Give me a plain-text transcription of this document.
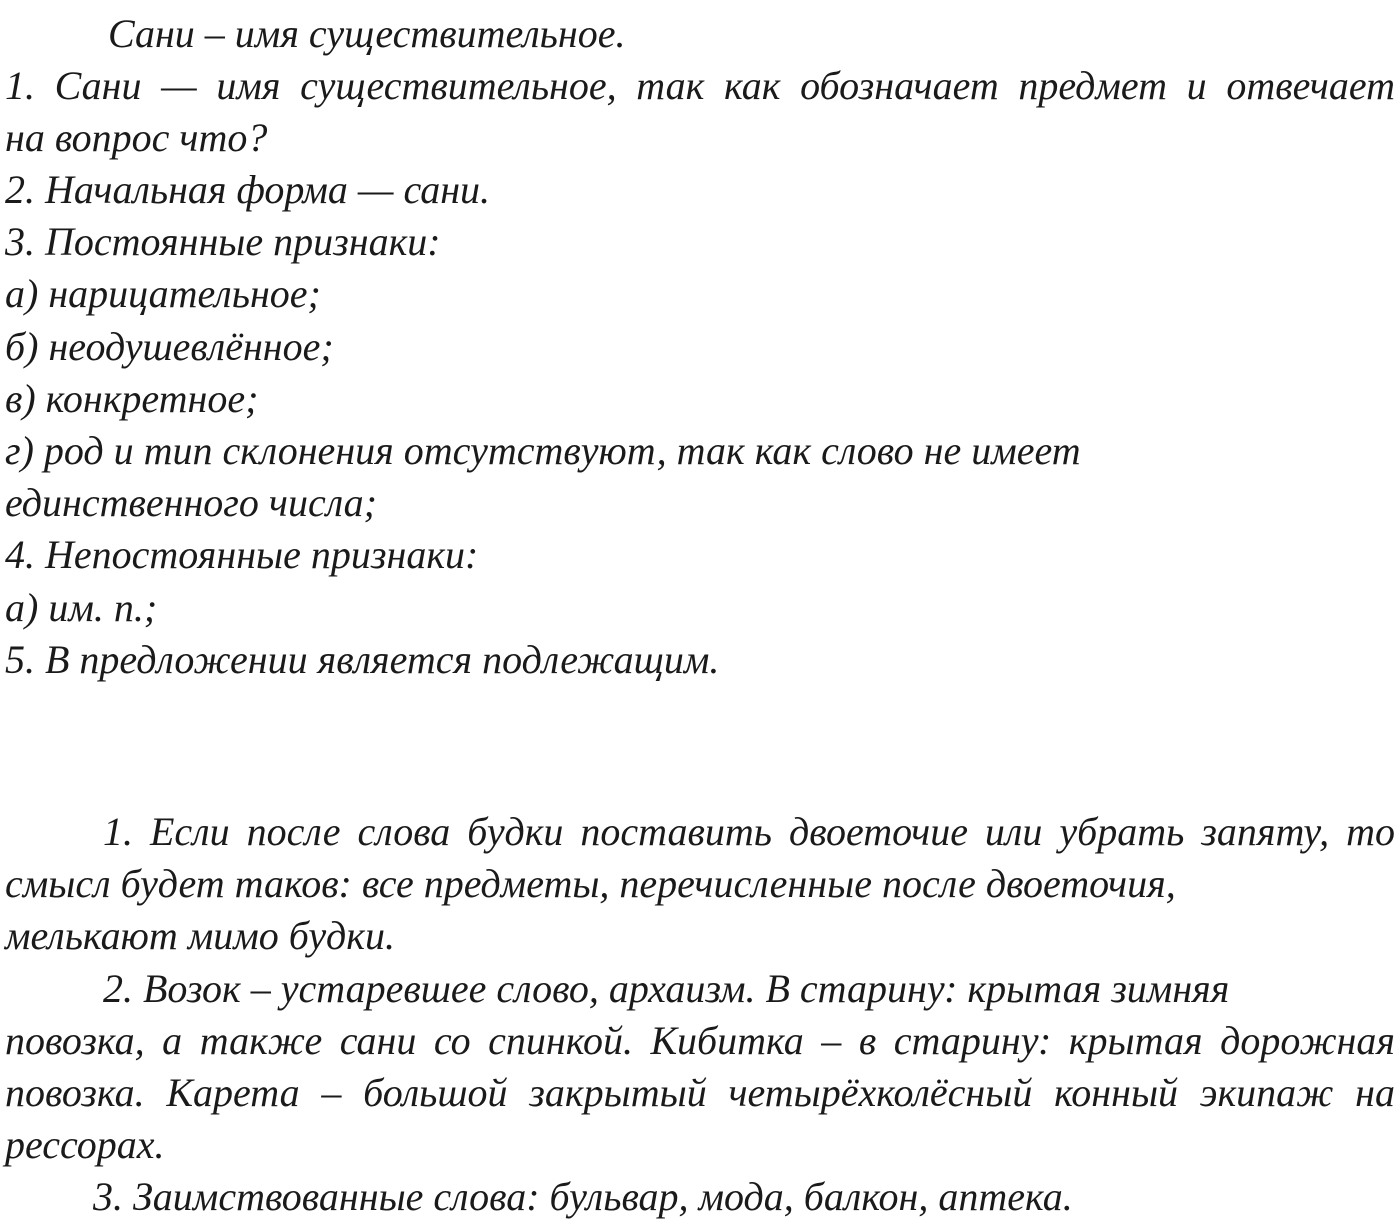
Сани – имя существительное.
1. Сани — имя существительное, так как обозначает предмет и отвечает
на вопрос что?
2. Начальная форма — сани.
3. Постоянные признаки:
а) нарицательное;
б) неодушевлённое;
в) конкретное;
г) род и тип склонения отсутствуют, так как слово не имеет
единственного числа;
4. Непостоянные признаки:
а) им. п.;
5. В предложении является подлежащим.
1. Если после слова будки поставить двоеточие или убрать запяту, то
смысл будет таков: все предметы, перечисленные после двоеточия,
мелькают мимо будки.
2. Возок – устаревшее слово, архаизм. В старину: крытая зимняя
повозка, а также сани со спинкой. Кибитка – в старину: крытая дорожная
повозка. Карета – большой закрытый четырёхколёсный конный экипаж на
рессорах.
3. Заимствованные слова: бульвар, мода, балкон, аптека.
